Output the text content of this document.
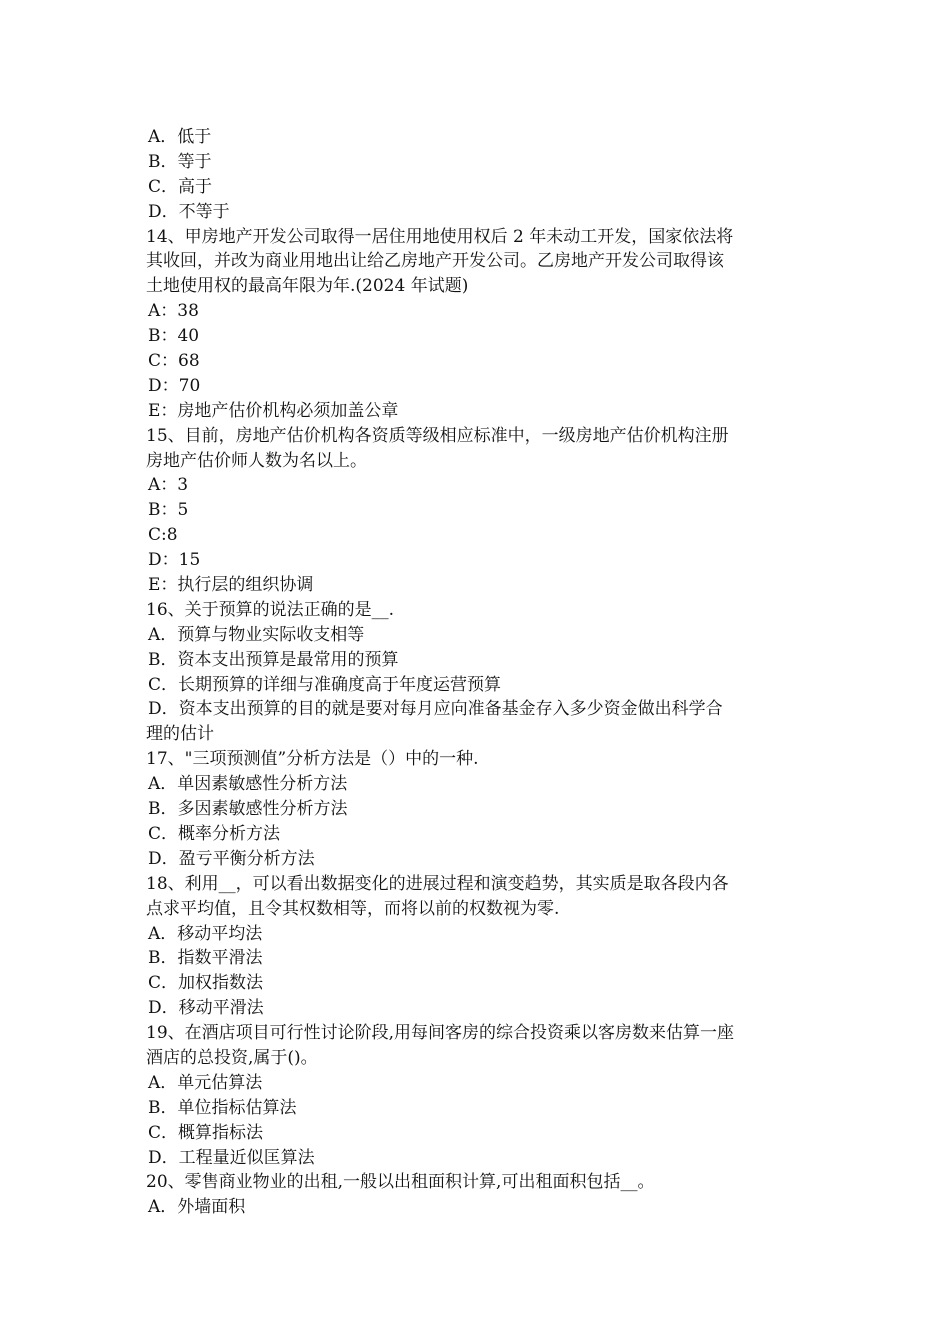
A．低于
B．等于
C．高于
D．不等于
14、甲房地产开发公司取得一居住用地使用权后 2 年未动工开发，国家依法将
其收回，并改为商业用地出让给乙房地产开发公司。乙房地产开发公司取得该
土地使用权的最高年限为年.(2024 年试题)
A：38
B：40
C：68
D：70
E：房地产估价机构必须加盖公章
15、目前，房地产估价机构各资质等级相应标准中，一级房地产估价机构注册
房地产估价师人数为名以上。
A：3
B：5
C:8
D：15
E：执行层的组织协调
16、关于预算的说法正确的是__.
A．预算与物业实际收支相等
B．资本支出预算是最常用的预算
C．长期预算的详细与准确度高于年度运营预算
D．资本支出预算的目的就是要对每月应向准备基金存入多少资金做出科学合
理的估计
17、"三项预测值”分析方法是（）中的一种.
A．单因素敏感性分析方法
B．多因素敏感性分析方法
C．概率分析方法
D．盈亏平衡分析方法
18、利用__，可以看出数据变化的进展过程和演变趋势，其实质是取各段内各
点求平均值，且令其权数相等，而将以前的权数视为零.
A．移动平均法
B．指数平滑法
C．加权指数法
D．移动平滑法
19、在酒店项目可行性讨论阶段,用每间客房的综合投资乘以客房数来估算一座
酒店的总投资,属于()。
A．单元估算法
B．单位指标估算法
C．概算指标法
D．工程量近似匡算法
20、零售商业物业的出租,一般以出租面积计算,可出租面积包括__。
A．外墙面积
